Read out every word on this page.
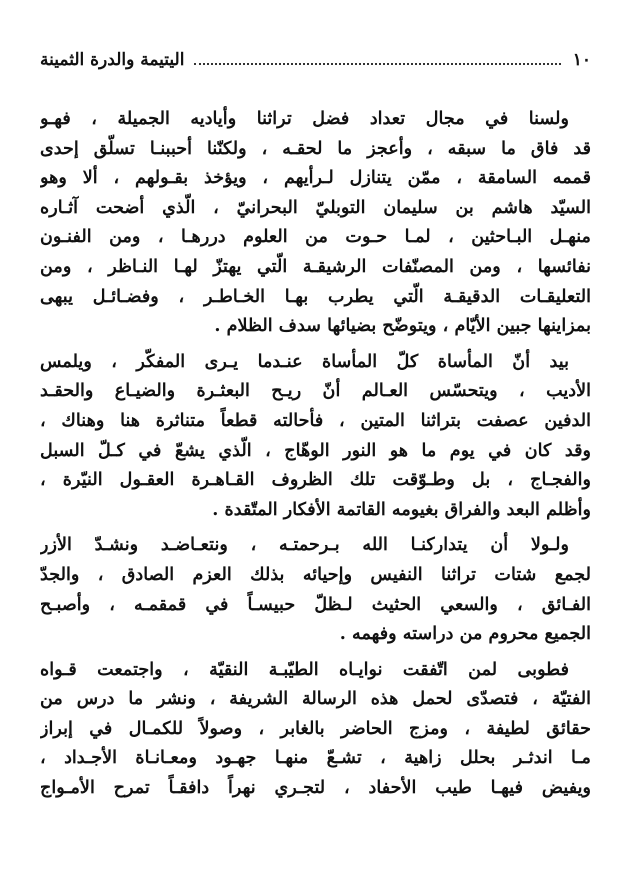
١٠
اليتيمة والدرة الثمينة
ولسنا في مجال تعداد فضل تراثنا وأياديه الجميلة ، فهـو
قد فاق ما سبقه ، وأعجز ما لحقـه ، ولكنّنا أحببنـا تسلّق إحدى
قممه السامقة ، ممّن يتنازل لـرأيهم ، ويؤخذ بقـولهم ، ألا وهو
السيّد هاشم بن سليمان التوبليّ البحرانيّ ، الّذي أضحت آثـاره
منهـل البـاحثين ، لمـا حـوت من العلوم دررهـا ، ومن الفنـون
نفائسها ، ومن المصنّفات الرشيقـة الّتي يهتزّ لهـا النـاظر ، ومن
التعليقـات الدقيقـة الّتي يطرب بهـا الخـاطـر ، وفضـائـل يبهى
بمزاينها جبين الأيّام ، ويتوضّح بضيائها سدف الظلام .
بيد أنّ المأساة كلّ المأساة عنـدما يـرى المفكّر ، ويلمس
الأديب ، ويتحسّس العـالم أنّ ريـح البعثـرة والضيـاع والحقـد
الدفين عصفت بتراثنا المتين ، فأحالته قطعاً متناثرة هنا وهناك ،
وقد كان في يوم ما هو النور الوهّاج ، الّذي يشعّ في كـلّ السبل
والفجـاج ، بل وطـوّقت تلك الظروف القـاهـرة العقـول النيّرة ،
وأظلم البعد والفراق بغيومه القاتمة الأفكار المتّقدة .
ولـولا أن يتداركنـا الله بـرحمتـه ، ونتعـاضـد ونشـدّ الأزر
لجمع شتات تراثنا النفيس وإحيائه بذلك العزم الصادق ، والجدّ
الفـائق ، والسعي الحثيث لـظلّ حبيسـاً في قمقمـه ، وأصبـح
الجميع محروم من دراسته وفهمه .
فطوبى لمن اتّفقت نوايـاه الطيّبـة النقيّة ، واجتمعت قـواه
الفتيّة ، فتصدّى لحمل هذه الرسالة الشريفة ، ونشر ما درس من
حقائق لطيفة ، ومزج الحاضر بالغابر ، وصولاً للكمـال في إبراز
مـا اندثـر بحلل زاهية ، تشـعّ منهـا جهـود ومعـانـاة الأجـداد ،
ويفيض فيهـا طيب الأحفاد ، لتجـري نهراً دافقـاً تمرح الأمـواج
